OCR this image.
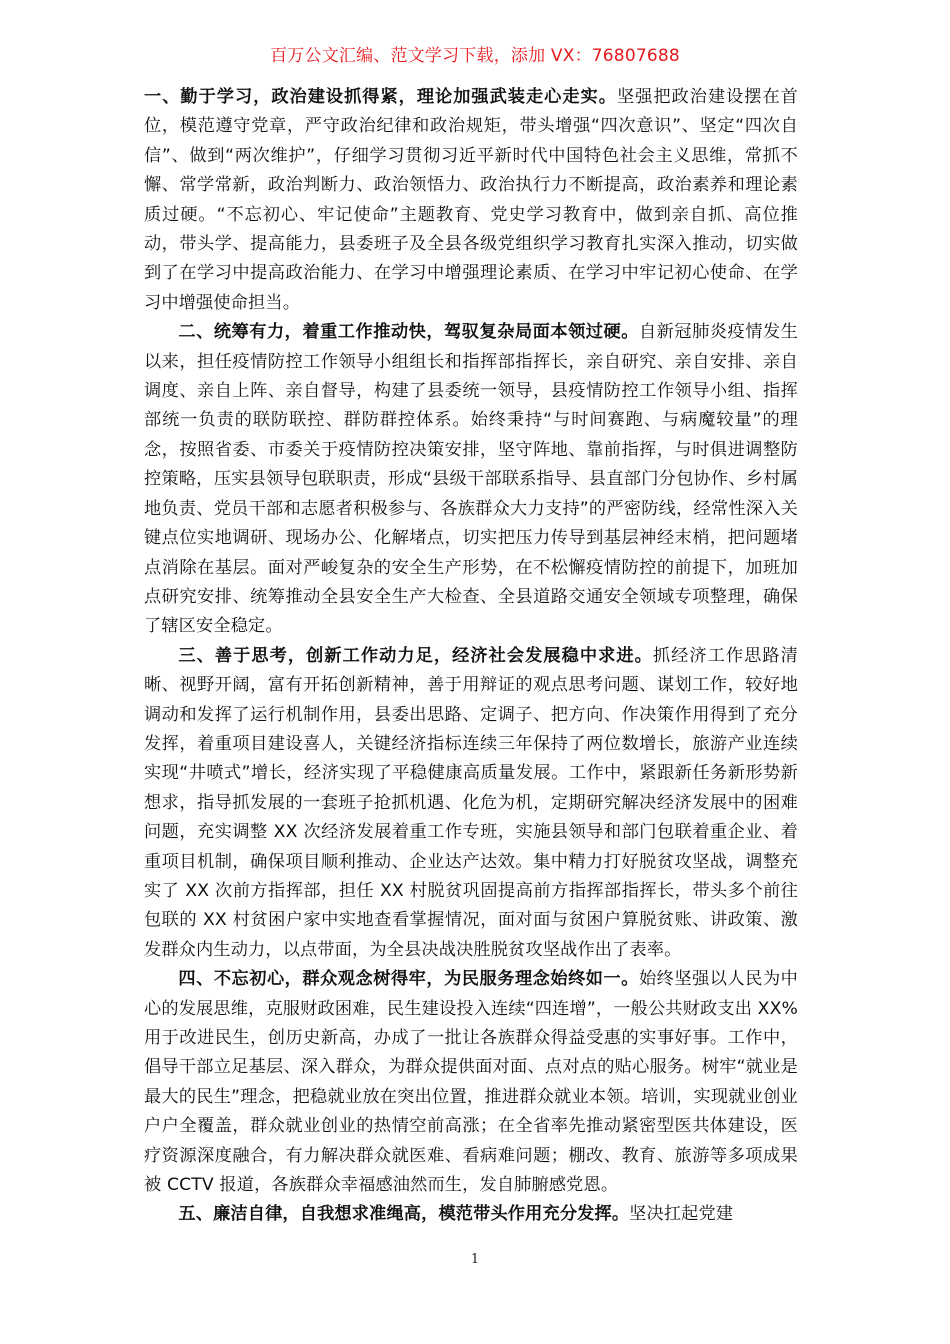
百万公文汇编、范文学习下载，添加 VX：76807688

一、勤于学习，政治建设抓得紧，理论加强武装走心走实。坚强把政治建设摆在首位，模范遵守党章，严守政治纪律和政治规矩，带头增强“四次意识”、坚定“四次自信”、做到“两次维护”，仔细学习贯彻习近平新时代中国特色社会主义思维，常抓不懈、常学常新，政治判断力、政治领悟力、政治执行力不断提高，政治素养和理论素质过硬。“不忘初心、牢记使命”主题教育、党史学习教育中，做到亲自抓、高位推动，带头学、提高能力，县委班子及全县各级党组织学习教育扎实深入推动，切实做到了在学习中提高政治能力、在学习中增强理论素质、在学习中牢记初心使命、在学习中增强使命担当。

二、统筹有力，着重工作推动快，驾驭复杂局面本领过硬。自新冠肺炎疫情发生以来，担任疫情防控工作领导小组组长和指挥部指挥长，亲自研究、亲自安排、亲自调度、亲自上阵、亲自督导，构建了县委统一领导，县疫情防控工作领导小组、指挥部统一负责的联防联控、群防群控体系。始终秉持“与时间赛跑、与病魔较量”的理念，按照省委、市委关于疫情防控决策安排，坚守阵地、靠前指挥，与时俱进调整防控策略，压实县领导包联职责，形成“县级干部联系指导、县直部门分包协作、乡村属地负责、党员干部和志愿者积极参与、各族群众大力支持”的严密防线，经常性深入关键点位实地调研、现场办公、化解堵点，切实把压力传导到基层神经末梢，把问题堵点消除在基层。面对严峻复杂的安全生产形势，在不松懈疫情防控的前提下，加班加点研究安排、统筹推动全县安全生产大检查、全县道路交通安全领域专项整理，确保了辖区安全稳定。

三、善于思考，创新工作动力足，经济社会发展稳中求进。抓经济工作思路清晰、视野开阔，富有开拓创新精神，善于用辩证的观点思考问题、谋划工作，较好地调动和发挥了运行机制作用，县委出思路、定调子、把方向、作决策作用得到了充分发挥，着重项目建设喜人，关键经济指标连续三年保持了两位数增长，旅游产业连续实现“井喷式”增长，经济实现了平稳健康高质量发展。工作中，紧跟新任务新形势新想求，指导抓发展的一套班子抢抓机遇、化危为机，定期研究解决经济发展中的困难问题，充实调整 XX 次经济发展着重工作专班，实施县领导和部门包联着重企业、着重项目机制，确保项目顺利推动、企业达产达效。集中精力打好脱贫攻坚战，调整充实了 XX 次前方指挥部，担任 XX 村脱贫巩固提高前方指挥部指挥长，带头多个前往包联的 XX 村贫困户家中实地查看掌握情况，面对面与贫困户算脱贫账、讲政策、激发群众内生动力，以点带面，为全县决战决胜脱贫攻坚战作出了表率。

四、不忘初心，群众观念树得牢，为民服务理念始终如一。始终坚强以人民为中心的发展思维，克服财政困难，民生建设投入连续“四连增”，一般公共财政支出 XX%用于改进民生，创历史新高，办成了一批让各族群众得益受惠的实事好事。工作中，倡导干部立足基层、深入群众，为群众提供面对面、点对点的贴心服务。树牢“就业是最大的民生”理念，把稳就业放在突出位置，推进群众就业本领。培训，实现就业创业户户全覆盖，群众就业创业的热情空前高涨；在全省率先推动紧密型医共体建设，医疗资源深度融合，有力解决群众就医难、看病难问题；棚改、教育、旅游等多项成果被 CCTV 报道，各族群众幸福感油然而生，发自肺腑感党恩。

五、廉洁自律，自我想求准绳高，模范带头作用充分发挥。坚决扛起党建

1
